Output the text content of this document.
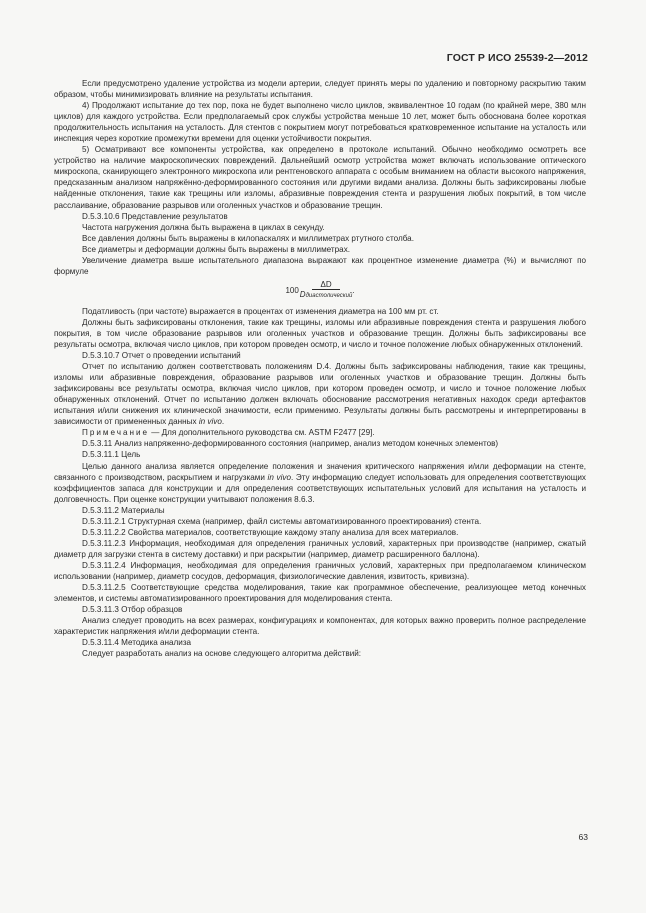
ГОСТ Р ИСО 25539-2—2012

Если предусмотрено удаление устройства из модели артерии, следует принять меры по удалению и повторному раскрытию таким образом, чтобы минимизировать влияние на результаты испытания.

4) Продолжают испытание до тех пор, пока не будет выполнено число циклов, эквивалентное 10 годам (по крайней мере, 380 млн циклов) для каждого устройства. Если предполагаемый срок службы устройства меньше 10 лет, может быть обоснована более короткая продолжительность испытания на усталость. Для стентов с покрытием могут потребоваться кратковременное испытание на усталость или инспекция через короткие промежутки времени для оценки устойчивости покрытия.

5) Осматривают все компоненты устройства, как определено в протоколе испытаний. Обычно необходимо осмотреть все устройство на наличие макроскопических повреждений. Дальнейший осмотр устройства может включать использование оптического микроскопа, сканирующего электронного микроскопа или рентгеновского аппарата с особым вниманием на области высокого напряжения, предсказанным анализом напряжённо-деформированного состояния или другими видами анализа. Должны быть зафиксированы любые найденные отклонения, такие как трещины или изломы, абразивные повреждения стента и разрушения любых покрытий, в том числе расслаивание, образование разрывов или оголенных участков и образование трещин.

D.5.3.10.6 Представление результатов

Частота нагружения должна быть выражена в циклах в секунду.

Все давления должны быть выражены в килопаскалях и миллиметрах ртутного столба.

Все диаметры и деформации должны быть выражены в миллиметрах.

Увеличение диаметра выше испытательного диапазона выражают как процентное изменение диаметра (%) и вычисляют по формуле

$100 \frac{\Delta D}{\text{Dдиастолический}}$ .

Податливость (при частоте) выражается в процентах от изменения диаметра на 100 мм рт. ст.

Должны быть зафиксированы отклонения, такие как трещины, изломы или абразивные повреждения стента и разрушения любого покрытия, в том числе образование разрывов или оголенных участков и образование трещин. Должны быть зафиксированы все результаты осмотра, включая число циклов, при котором проведен осмотр, и число и точное положение любых обнаруженных отклонений.

D.5.3.10.7 Отчет о проведении испытаний

Отчет по испытанию должен соответствовать положениям D.4. Должны быть зафиксированы наблюдения, такие как трещины, изломы или абразивные повреждения, образование разрывов или оголенных участков и образование трещин. Должны быть зафиксированы все результаты осмотра, включая число циклов, при котором проведен осмотр, и число и точное положение любых обнаруженных отклонений. Отчет по испытанию должен включать обоснование рассмотрения негативных находок среди артефактов испытания и/или снижения их клинической значимости, если применимо. Результаты должны быть рассмотрены и интерпретированы в зависимости от примененных данных in vivo.

Примечание — Для дополнительного руководства см. ASTM F2477 [29].

D.5.3.11 Анализ напряженно-деформированного состояния (например, анализ методом конечных элементов)

D.5.3.11.1 Цель

Целью данного анализа является определение положения и значения критического напряжения и/или деформации на стенте, связанного с производством, раскрытием и нагрузками in vivo. Эту информацию следует использовать для определения соответствующих коэффициентов запаса для конструкции и для определения соответствующих испытательных условий для испытания на усталость и долговечность. При оценке конструкции учитывают положения 8.6.3.

D.5.3.11.2 Материалы

D.5.3.11.2.1 Структурная схема (например, файл системы автоматизированного проектирования) стента.

D.5.3.11.2.2 Свойства материалов, соответствующие каждому этапу анализа для всех материалов.

D.5.3.11.2.3 Информация, необходимая для определения граничных условий, характерных при производстве (например, сжатый диаметр для загрузки стента в систему доставки) и при раскрытии (например, диаметр расширенного баллона).

D.5.3.11.2.4 Информация, необходимая для определения граничных условий, характерных при предполагаемом клиническом использовании (например, диаметр сосудов, деформация, физиологические давления, извитость, кривизна).

D.5.3.11.2.5 Соответствующие средства моделирования, такие как программное обеспечение, реализующее метод конечных элементов, и системы автоматизированного проектирования для моделирования стента.

D.5.3.11.3 Отбор образцов

Анализ следует проводить на всех размерах, конфигурациях и компонентах, для которых важно проверить полное распределение характеристик напряжения и/или деформации стента.

D.5.3.11.4 Методика анализа

Следует разработать анализ на основе следующего алгоритма действий:

63
